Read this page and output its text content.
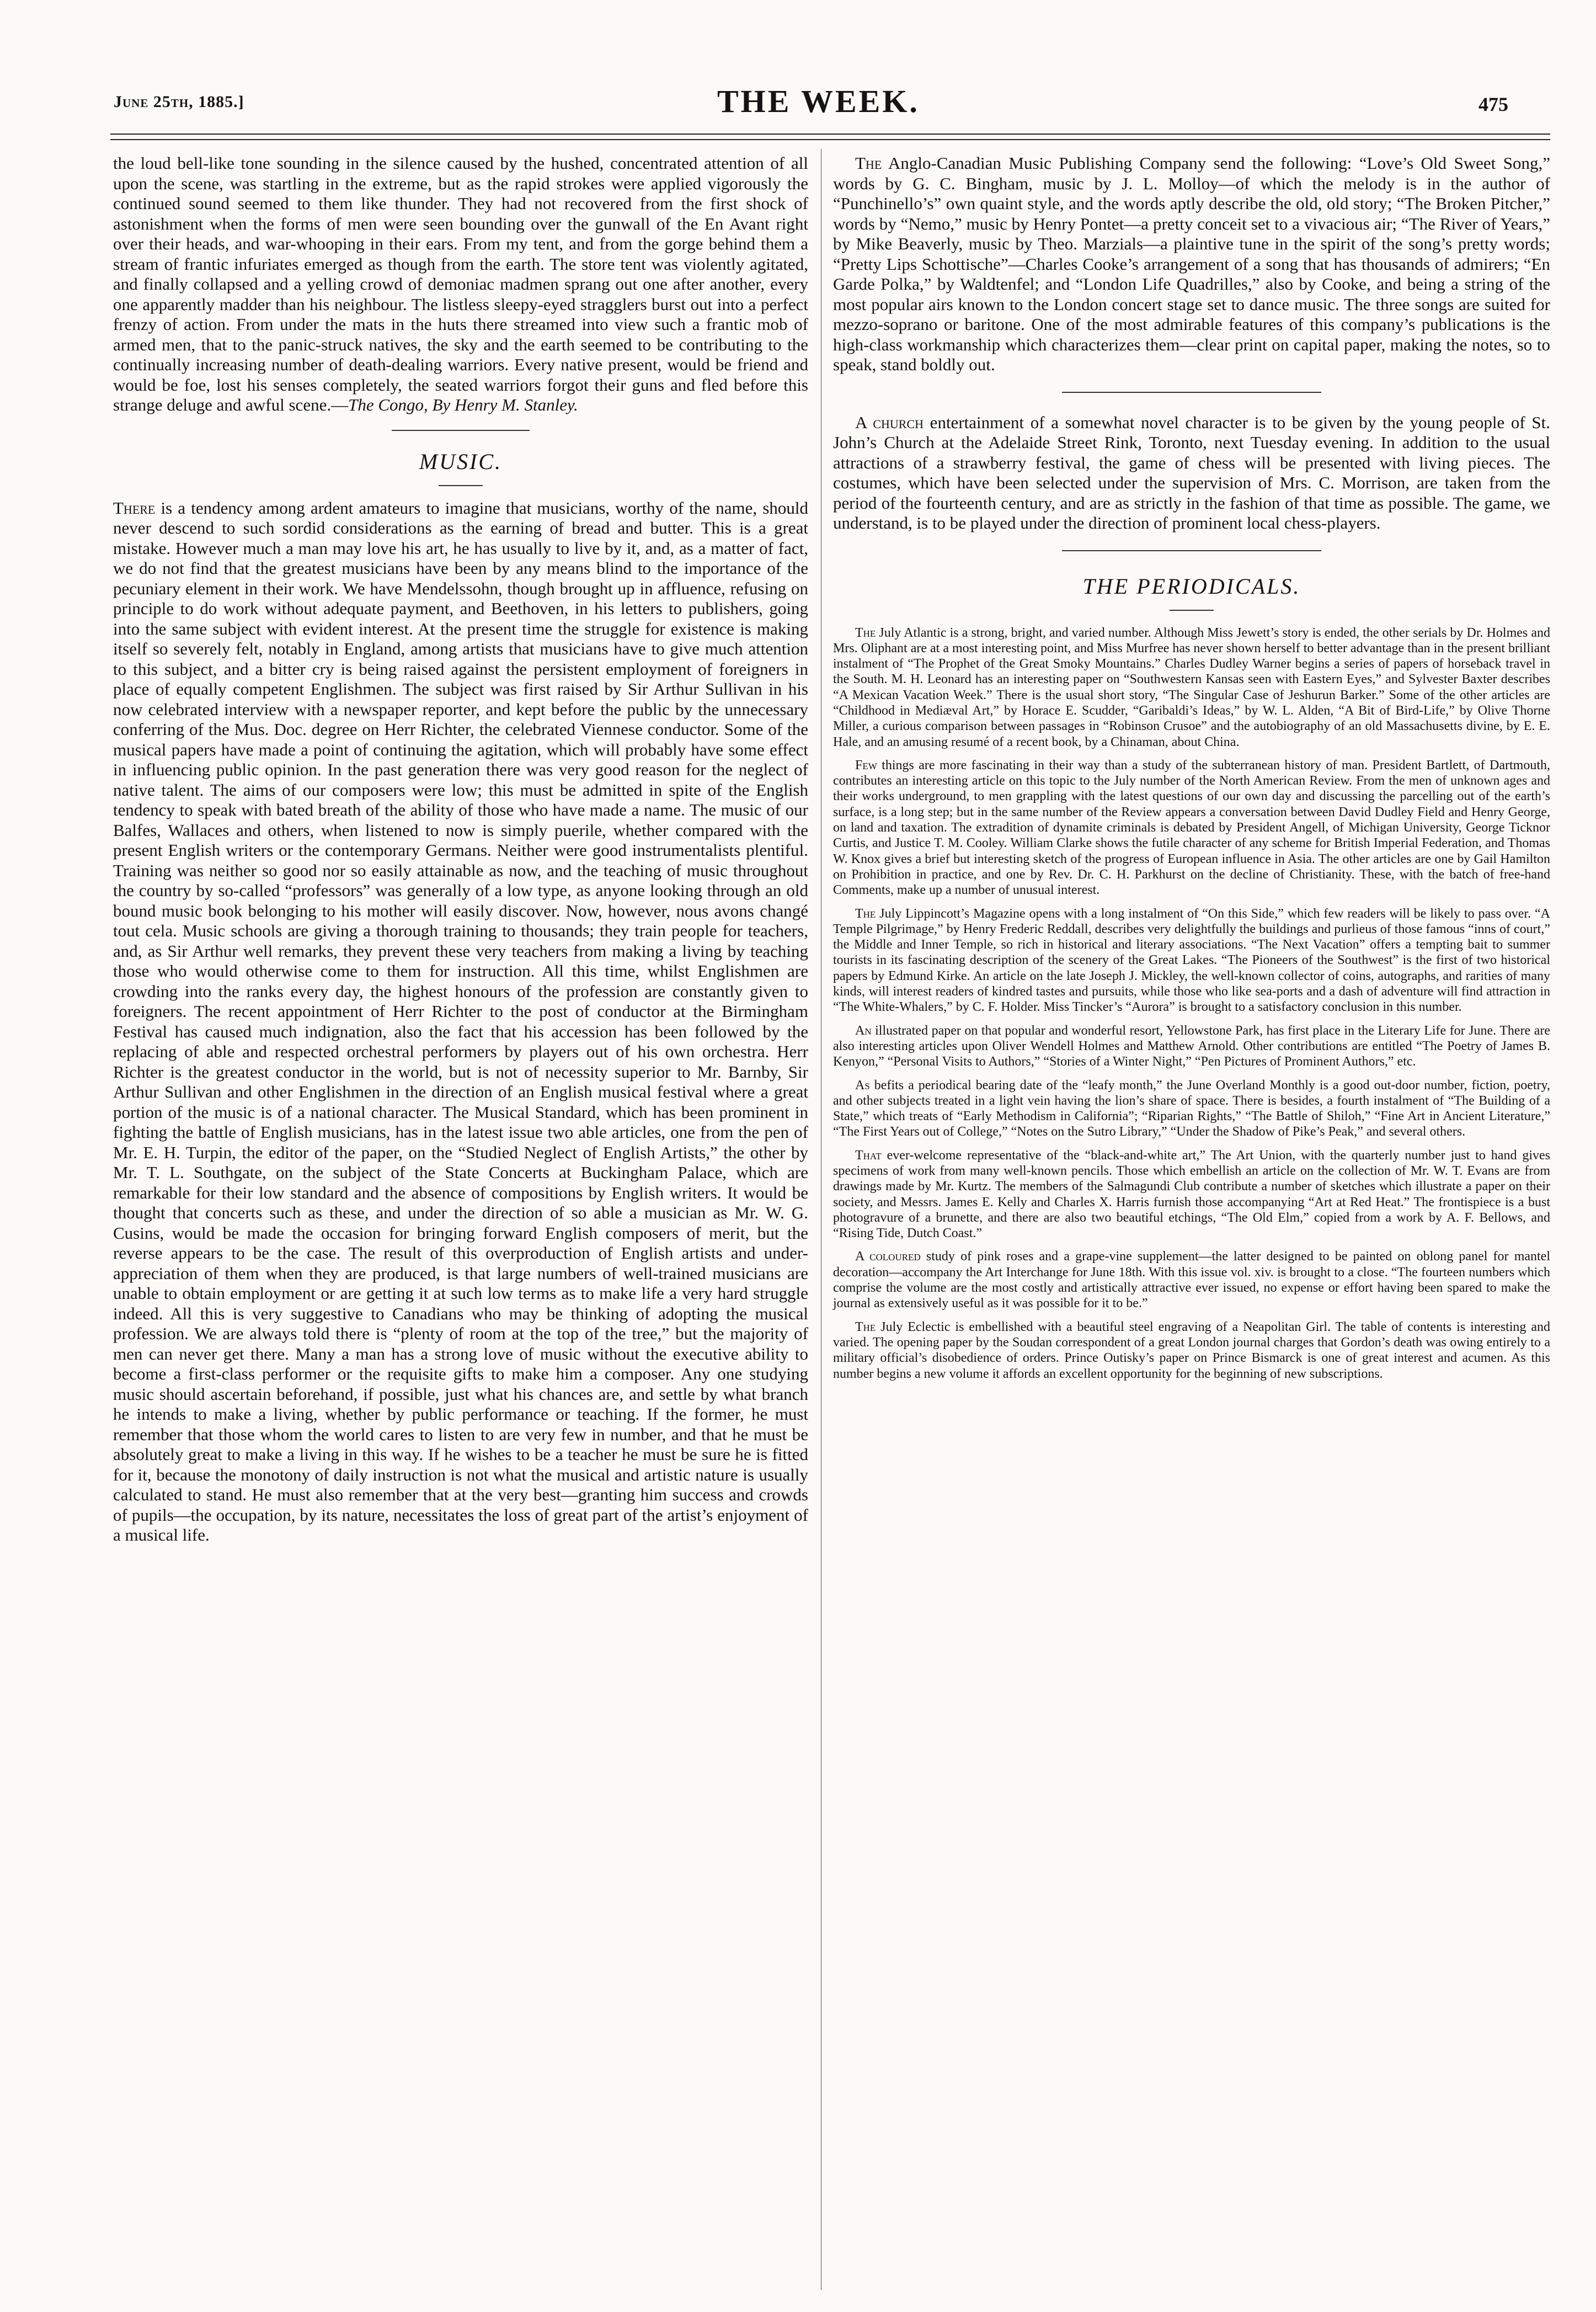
June 25th, 1885.]	THE WEEK.	475

the loud bell-like tone sounding in the silence caused by the hushed, concentrated attention of all upon the scene, was startling in the extreme, but as the rapid strokes were applied vigorously the continued sound seemed to them like thunder. They had not recovered from the first shock of astonishment when the forms of men were seen bounding over the gunwall of the En Avant right over their heads, and war-whooping in their ears. From my tent, and from the gorge behind them a stream of frantic infuriates emerged as though from the earth. The store tent was violently agitated, and finally collapsed and a yelling crowd of demoniac madmen sprang out one after another, every one apparently madder than his neighbour. The listless sleepy-eyed stragglers burst out into a perfect frenzy of action. From under the mats in the huts there streamed into view such a frantic mob of armed men, that to the panic-struck natives, the sky and the earth seemed to be contributing to the continually increasing number of death-dealing warriors. Every native present, would be friend and would be foe, lost his senses completely, the seated warriors forgot their guns and fled before this strange deluge and awful scene.—The Congo, By Henry M. Stanley.

MUSIC.

There is a tendency among ardent amateurs to imagine that musicians, worthy of the name, should never descend to such sordid considerations as the earning of bread and butter. This is a great mistake. However much a man may love his art, he has usually to live by it, and, as a matter of fact, we do not find that the greatest musicians have been by any means blind to the importance of the pecuniary element in their work. We have Mendelssohn, though brought up in affluence, refusing on principle to do work without adequate payment, and Beethoven, in his letters to publishers, going into the same subject with evident interest. At the present time the struggle for existence is making itself so severely felt, notably in England, among artists that musicians have to give much attention to this subject, and a bitter cry is being raised against the persistent employment of foreigners in place of equally competent Englishmen. The subject was first raised by Sir Arthur Sullivan in his now celebrated interview with a newspaper reporter, and kept before the public by the unnecessary conferring of the Mus. Doc. degree on Herr Richter, the celebrated Viennese conductor. Some of the musical papers have made a point of continuing the agitation, which will probably have some effect in influencing public opinion. In the past generation there was very good reason for the neglect of native talent. The aims of our composers were low; this must be admitted in spite of the English tendency to speak with bated breath of the ability of those who have made a name. The music of our Balfes, Wallaces and others, when listened to now is simply puerile, whether compared with the present English writers or the contemporary Germans. Neither were good instrumentalists plentiful. Training was neither so good nor so easily attainable as now, and the teaching of music throughout the country by so-called “professors” was generally of a low type, as anyone looking through an old bound music book belonging to his mother will easily discover. Now, however, nous avons changé tout cela. Music schools are giving a thorough training to thousands; they train people for teachers, and, as Sir Arthur well remarks, they prevent these very teachers from making a living by teaching those who would otherwise come to them for instruction. All this time, whilst Englishmen are crowding into the ranks every day, the highest honours of the profession are constantly given to foreigners. The recent appointment of Herr Richter to the post of conductor at the Birmingham Festival has caused much indignation, also the fact that his accession has been followed by the replacing of able and respected orchestral performers by players out of his own orchestra. Herr Richter is the greatest conductor in the world, but is not of necessity superior to Mr. Barnby, Sir Arthur Sullivan and other Englishmen in the direction of an English musical festival where a great portion of the music is of a national character. The Musical Standard, which has been prominent in fighting the battle of English musicians, has in the latest issue two able articles, one from the pen of Mr. E. H. Turpin, the editor of the paper, on the “Studied Neglect of English Artists,” the other by Mr. T. L. Southgate, on the subject of the State Concerts at Buckingham Palace, which are remarkable for their low standard and the absence of compositions by English writers. It would be thought that concerts such as these, and under the direction of so able a musician as Mr. W. G. Cusins, would be made the occasion for bringing forward English composers of merit, but the reverse appears to be the case. The result of this overproduction of English artists and under-appreciation of them when they are produced, is that large numbers of well-trained musicians are unable to obtain employment or are getting it at such low terms as to make life a very hard struggle indeed. All this is very suggestive to Canadians who may be thinking of adopting the musical profession. We are always told there is “plenty of room at the top of the tree,” but the majority of men can never get there. Many a man has a strong love of music without the executive ability to become a first-class performer or the requisite gifts to make him a composer. Any one studying music should ascertain beforehand, if possible, just what his chances are, and settle by what branch he intends to make a living, whether by public performance or teaching. If the former, he must remember that those whom the world cares to listen to are very few in number, and that he must be absolutely great to make a living in this way. If he wishes to be a teacher he must be sure he is fitted for it, because the monotony of daily instruction is not what the musical and artistic nature is usually calculated to stand. He must also remember that at the very best—granting him success and crowds of pupils—the occupation, by its nature, necessitates the loss of great part of the artist’s enjoyment of a musical life.

The Anglo-Canadian Music Publishing Company send the following: “Love’s Old Sweet Song,” words by G. C. Bingham, music by J. L. Molloy—of which the melody is in the author of “Punchinello’s” own quaint style, and the words aptly describe the old, old story; “The Broken Pitcher,” words by “Nemo,” music by Henry Pontet—a pretty conceit set to a vivacious air; “The River of Years,” by Mike Beaverly, music by Theo. Marzials—a plaintive tune in the spirit of the song’s pretty words; “Pretty Lips Schottische”—Charles Cooke’s arrangement of a song that has thousands of admirers; “En Garde Polka,” by Waldtenfel; and “London Life Quadrilles,” also by Cooke, and being a string of the most popular airs known to the London concert stage set to dance music. The three songs are suited for mezzo-soprano or baritone. One of the most admirable features of this company’s publications is the high-class workmanship which characterizes them—clear print on capital paper, making the notes, so to speak, stand boldly out.

A church entertainment of a somewhat novel character is to be given by the young people of St. John’s Church at the Adelaide Street Rink, Toronto, next Tuesday evening. In addition to the usual attractions of a strawberry festival, the game of chess will be presented with living pieces. The costumes, which have been selected under the supervision of Mrs. C. Morrison, are taken from the period of the fourteenth century, and are as strictly in the fashion of that time as possible. The game, we understand, is to be played under the direction of prominent local chess-players.

THE PERIODICALS.

The July Atlantic is a strong, bright, and varied number. Although Miss Jewett’s story is ended, the other serials by Dr. Holmes and Mrs. Oliphant are at a most interesting point, and Miss Murfree has never shown herself to better advantage than in the present brilliant instalment of “The Prophet of the Great Smoky Mountains.” Charles Dudley Warner begins a series of papers of horseback travel in the South. M. H. Leonard has an interesting paper on “Southwestern Kansas seen with Eastern Eyes,” and Sylvester Baxter describes “A Mexican Vacation Week.” There is the usual short story, “The Singular Case of Jeshurun Barker.” Some of the other articles are “Childhood in Mediæval Art,” by Horace E. Scudder, “Garibaldi’s Ideas,” by W. L. Alden, “A Bit of Bird-Life,” by Olive Thorne Miller, a curious comparison between passages in “Robinson Crusoe” and the autobiography of an old Massachusetts divine, by E. E. Hale, and an amusing resumé of a recent book, by a Chinaman, about China.

Few things are more fascinating in their way than a study of the subterranean history of man. President Bartlett, of Dartmouth, contributes an interesting article on this topic to the July number of the North American Review. From the men of unknown ages and their works underground, to men grappling with the latest questions of our own day and discussing the parcelling out of the earth’s surface, is a long step; but in the same number of the Review appears a conversation between David Dudley Field and Henry George, on land and taxation. The extradition of dynamite criminals is debated by President Angell, of Michigan University, George Ticknor Curtis, and Justice T. M. Cooley. William Clarke shows the futile character of any scheme for British Imperial Federation, and Thomas W. Knox gives a brief but interesting sketch of the progress of European influence in Asia. The other articles are one by Gail Hamilton on Prohibition in practice, and one by Rev. Dr. C. H. Parkhurst on the decline of Christianity. These, with the batch of free-hand Comments, make up a number of unusual interest.

The July Lippincott’s Magazine opens with a long instalment of “On this Side,” which few readers will be likely to pass over. “A Temple Pilgrimage,” by Henry Frederic Reddall, describes very delightfully the buildings and purlieus of those famous “inns of court,” the Middle and Inner Temple, so rich in historical and literary associations. “The Next Vacation” offers a tempting bait to summer tourists in its fascinating description of the scenery of the Great Lakes. “The Pioneers of the Southwest” is the first of two historical papers by Edmund Kirke. An article on the late Joseph J. Mickley, the well-known collector of coins, autographs, and rarities of many kinds, will interest readers of kindred tastes and pursuits, while those who like sea-ports and a dash of adventure will find attraction in “The White-Whalers,” by C. F. Holder. Miss Tincker’s “Aurora” is brought to a satisfactory conclusion in this number.

An illustrated paper on that popular and wonderful resort, Yellowstone Park, has first place in the Literary Life for June. There are also interesting articles upon Oliver Wendell Holmes and Matthew Arnold. Other contributions are entitled “The Poetry of James B. Kenyon,” “Personal Visits to Authors,” “Stories of a Winter Night,” “Pen Pictures of Prominent Authors,” etc.

As befits a periodical bearing date of the “leafy month,” the June Overland Monthly is a good out-door number, fiction, poetry, and other subjects treated in a light vein having the lion’s share of space. There is besides, a fourth instalment of “The Building of a State,” which treats of “Early Methodism in California”; “Riparian Rights,” “The Battle of Shiloh,” “Fine Art in Ancient Literature,” “The First Years out of College,” “Notes on the Sutro Library,” “Under the Shadow of Pike’s Peak,” and several others.

That ever-welcome representative of the “black-and-white art,” The Art Union, with the quarterly number just to hand gives specimens of work from many well-known pencils. Those which embellish an article on the collection of Mr. W. T. Evans are from drawings made by Mr. Kurtz. The members of the Salmagundi Club contribute a number of sketches which illustrate a paper on their society, and Messrs. James E. Kelly and Charles X. Harris furnish those accompanying “Art at Red Heat.” The frontispiece is a bust photogravure of a brunette, and there are also two beautiful etchings, “The Old Elm,” copied from a work by A. F. Bellows, and “Rising Tide, Dutch Coast.”

A coloured study of pink roses and a grape-vine supplement—the latter designed to be painted on oblong panel for mantel decoration—accompany the Art Interchange for June 18th. With this issue vol. xiv. is brought to a close. “The fourteen numbers which comprise the volume are the most costly and artistically attractive ever issued, no expense or effort having been spared to make the journal as extensively useful as it was possible for it to be.”

The July Eclectic is embellished with a beautiful steel engraving of a Neapolitan Girl. The table of contents is interesting and varied. The opening paper by the Soudan correspondent of a great London journal charges that Gordon’s death was owing entirely to a military official’s disobedience of orders. Prince Outisky’s paper on Prince Bismarck is one of great interest and acumen. As this number begins a new volume it affords an excellent opportunity for the beginning of new subscriptions.
